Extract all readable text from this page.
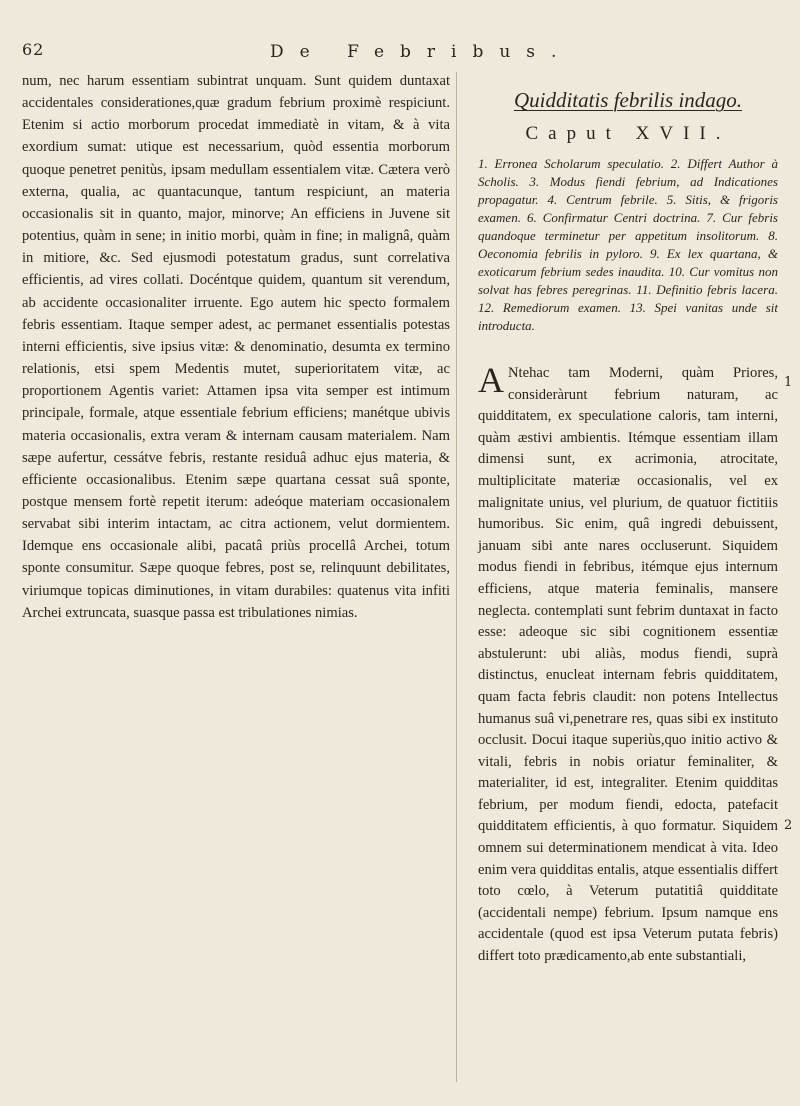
62	De Febribus.
num, nec harum essentiam subintrat unquam. Sunt quidem duntaxat accidentales considerationes,quæ gradum febrium proximè respiciunt. Etenim si actio morborum procedat immediatè in vitam, & à vita exordium sumat: utique est necessarium, quòd essentia morborum quoque penetret penitùs, ipsam medullam essentialem vitæ. Cætera verò externa, qualia, ac quantacunque, tantum respiciunt, an materia occasionalis sit in quanto, major, minorve; An efficiens in Juvene sit potentius, quàm in sene; in initio morbi, quàm in fine; in malignâ, quàm in mitiore, &c. Sed ejusmodi potestatum gradus, sunt correlativa efficientis, ad vires collati. Docéntque quidem, quantum sit verendum, ab accidente occasionaliter irruente. Ego autem hic specto formalem febris essentiam. Itaque semper adest, ac permanet essentialis potestas interni efficientis, sive ipsius vitæ: & denominatio, desumta ex termino relationis, etsi spem Medentis mutet, superioritatem vitæ, ac proportionem Agentis variet: Attamen ipsa vita semper est intimum principale, formale, atque essentiale febrium efficiens; manétque ubivis materia occasionalis, extra veram & internam causam materialem. Nam sæpe aufertur, cessátve febris, restante residuâ adhuc ejus materia, & efficiente occasionalibus. Etenim sæpe quartana cessat suâ sponte, postque mensem fortè repetit iterum: adeóque materiam occasionalem servabat sibi interim intactam, ac citra actionem, velut dormientem. Idemque ens occasionale alibi, pacatâ priùs procellâ Archei, totum sponte consumitur. Sæpe quoque febres, post se, relinquunt debilitates, viriumque topicas diminutiones, in vitam durabiles: quatenus vita infiti Archei extruncata, suasque passa est tribulationes nimias.
Quidditatis febrilis indago.
Caput XVII.

1. Erronea Scholarum speculatio. 2. Differt Author à Scholis. 3. Modus fiendi febrium, ad Indicationes propagatur. 4. Centrum febrile. 5. Sitis, & frigoris examen. 6. Confirmatur Centri doctrina. 7. Cur febris quandoque terminetur per appetitum insolitorum. 8. Oeconomia febrilis in pyloro. 9. Ex lex quartana, & exoticarum febrium sedes inaudita. 10. Cur vomitus non solvat has febres peregrinas. 11. Definitio febris lacera. 12. Remediorum examen. 13. Spei vanitas unde sit introducta.

A Ntehac tam Moderni, quàm Priores, consideràrunt febrium naturam, ac quidditatem, ex speculatione caloris, tam interni, quàm æstivi ambientis. Itémque essentiam illam dimensi sunt, ex acrimonia, atrocitate, multiplicitate materiæ occasionalis, vel ex malignitate unius, vel plurium, de quatuor fictitiis humoribus. Sic enim, quâ ingredi debuissent, januam sibi ante nares occluserunt. Siquidem modus fiendi in febribus, itémque ejus internum efficiens, atque materia feminalis, mansere neglecta. contemplati sunt febrim duntaxat in facto esse: adeoque sic sibi cognitionem essentiæ abstulerunt: ubi aliàs, modus fiendi, suprà distinctus, enucleat internam febris quidditatem, quam facta febris claudit: non potens Intellectus humanus suâ vi,penetrare res, quas sibi ex instituto occlusit. Docui itaque superiùs,quo initio activo & vitali, febris in nobis oriatur feminaliter, & materialiter, id est, integraliter. Etenim quidditas febrium, per modum fiendi, edocta, patefacit quidditatem efficientis, à quo formatur. Siquidem omnem sui determinationem mendicat à vita. Ideo enim vera quidditas entalis, atque essentialis differt toto cœlo, à Veterum putatitiâ quidditate (accidentali nempe) febrium. Ipsum namque ens accidentale (quod est ipsa Veterum putata febris) differt toto prædicamento,ab ente substantiali,

1
2
